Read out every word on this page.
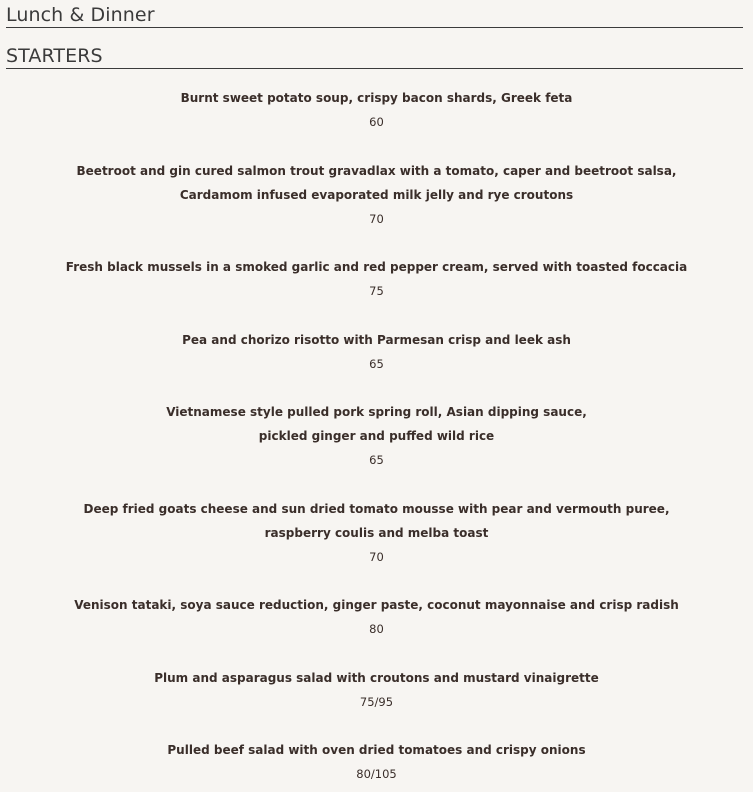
Lunch & Dinner
STARTERS
Burnt sweet potato soup, crispy bacon shards, Greek feta
60
Beetroot and gin cured salmon trout gravadlax with a tomato, caper and beetroot salsa,
Cardamom infused evaporated milk jelly and rye croutons
70
Fresh black mussels in a smoked garlic and red pepper cream, served with toasted foccacia
75
Pea and chorizo risotto with Parmesan crisp and leek ash
65
Vietnamese style pulled pork spring roll, Asian dipping sauce,
pickled ginger and puffed wild rice
65
Deep fried goats cheese and sun dried tomato mousse with pear and vermouth puree,
raspberry coulis and melba toast
70
Venison tataki, soya sauce reduction, ginger paste, coconut mayonnaise and crisp radish
80
Plum and asparagus salad with croutons and mustard vinaigrette
75/95
Pulled beef salad with oven dried tomatoes and crispy onions
80/105
